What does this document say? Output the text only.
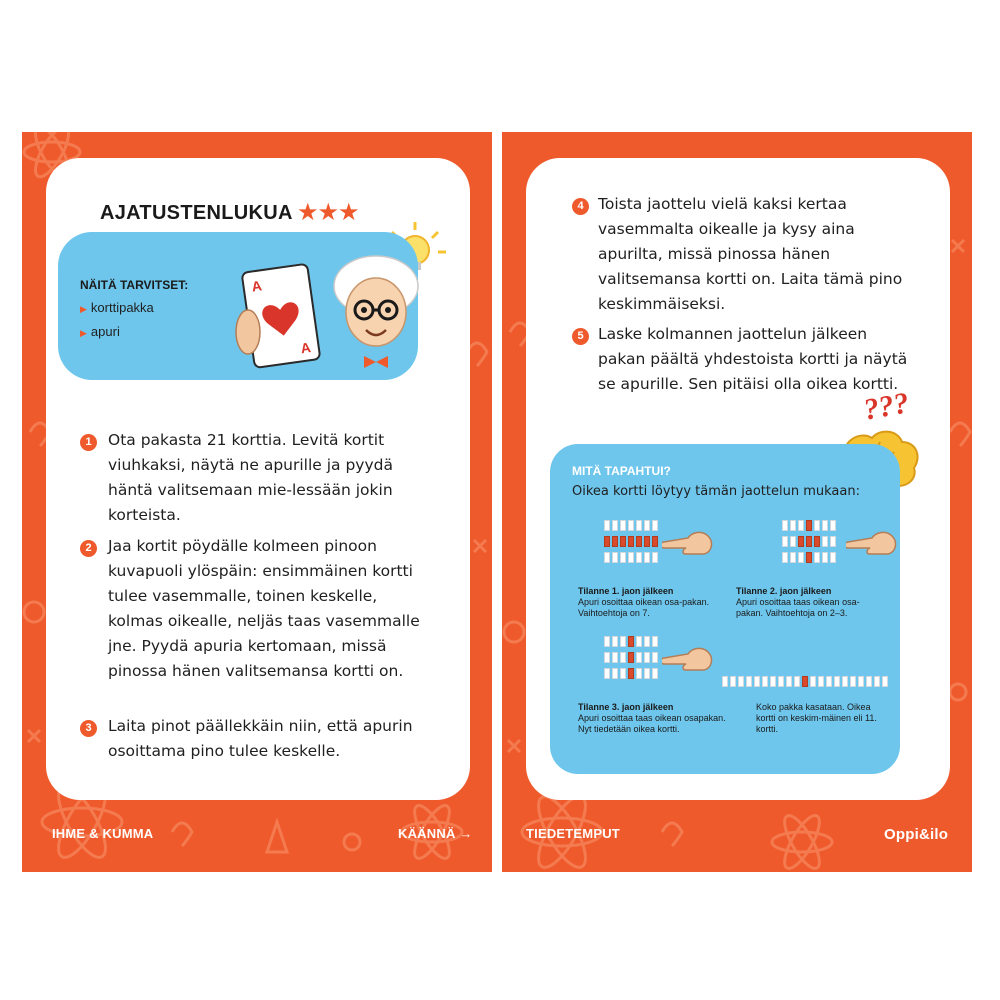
AJATUSTENLUKUA ★★★
NÄITÄ TARVITSET:
▶ korttipakka
▶ apuri
A
A
1	Ota pakasta 21 korttia. Levitä kortit viuhkaksi, näytä ne apurille ja pyydä häntä valitsemaan mie-lessään jokin korteista.
2	Jaa kortit pöydälle kolmeen pinoon kuvapuoli ylöspäin: ensimmäinen kortti tulee vasemmalle, toinen keskelle, kolmas oikealle, neljäs taas vasemmalle jne. Pyydä apuria kertomaan, missä pinossa hänen valitsemansa kortti on.
3	Laita pinot päällekkäin niin, että apurin osoittama pino tulee keskelle.
IHME & KUMMA	KÄÄNNÄ →
4 Toista jaottelu vielä kaksi kertaa vasemmalta oikealle ja kysy aina apurilta, missä pinossa hänen valitsemansa kortti on. Laita tämä pino keskimmäiseksi.
5 Laske kolmannen jaottelun jälkeen pakan päältä yhdestoista kortti ja näytä se apurille. Sen pitäisi olla oikea kortti.
???
MITÄ TAPAHTUI?
Oikea kortti löytyy tämän jaottelun mukaan:
Tilanne 1. jaon jälkeen
Apuri osoittaa oikean osa-pakan. Vaihtoehtoja on 7.
Tilanne 2. jaon jälkeen
Apuri osoittaa taas oikean osa-pakan. Vaihtoehtoja on 2–3.
Tilanne 3. jaon jälkeen
Apuri osoittaa taas oikean osapakan. Nyt tiedetään oikea kortti.
Koko pakka kasataan. Oikea kortti on keskim-mäinen eli 11. kortti.
TIEDETEMPUT	Oppi&ilo
